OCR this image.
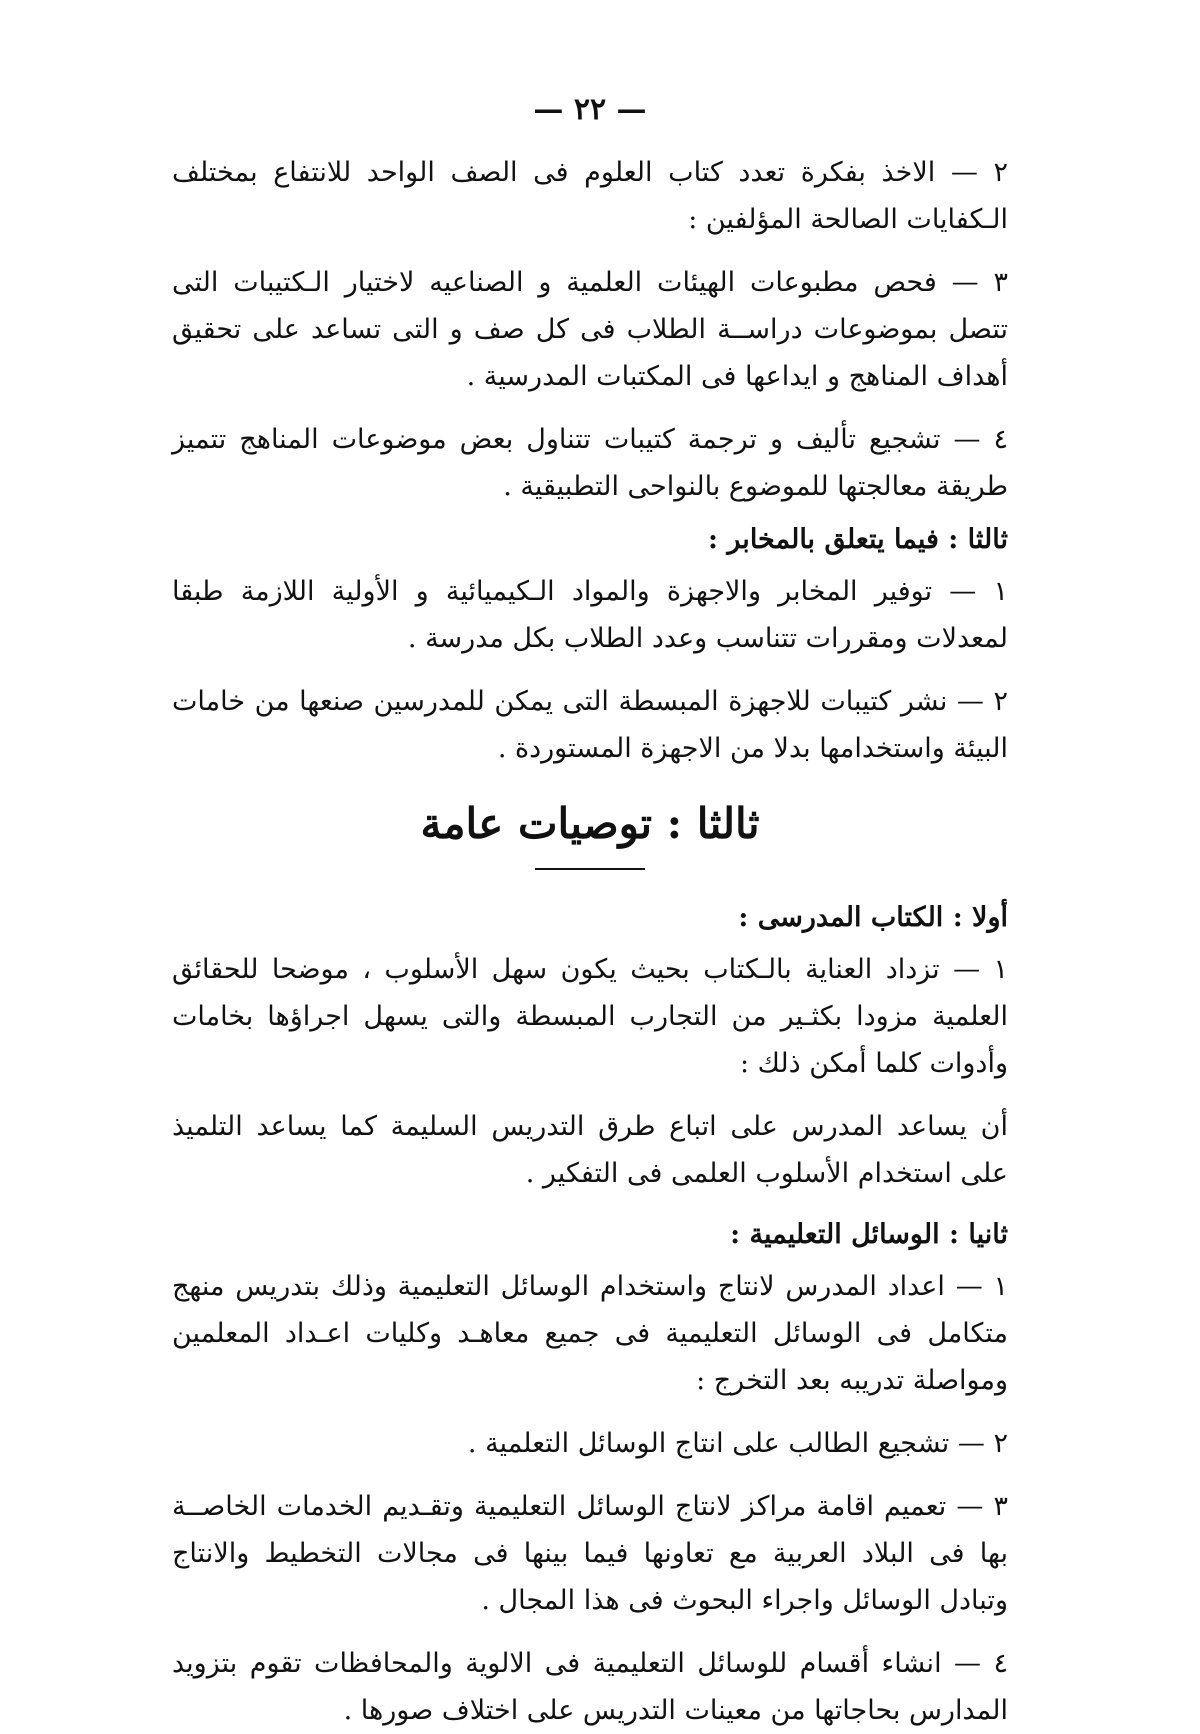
— ٢٢ —

٢ — الاخذ بفكرة تعدد كتاب العلوم فى الصف الواحد للانتفاع بمختلف الـكفايات الصالحة المؤلفين :

٣ — فحص مطبوعات الهيئات العلمية و الصناعيه لاختيار الـكتيبات التى تتصل بموضوعات دراســة الطلاب فى كل صف و التى تساعد على تحقيق أهداف المناهج و ايداعها فى المكتبات المدرسية .

٤ — تشجيع تأليف و ترجمة كتيبات تتناول بعض موضوعات المناهج تتميز طريقة معالجتها للموضوع بالنواحى التطبيقية .

ثالثا : فيما يتعلق بالمخابر :

١ — توفير المخابر والاجهزة والمواد الـكيميائية و الأولية اللازمة طبقا لمعدلات ومقررات تتناسب وعدد الطلاب بكل مدرسة .

٢ — نشر كتيبات للاجهزة المبسطة التى يمكن للمدرسين صنعها من خامات البيئة واستخدامها بدلا من الاجهزة المستوردة .

ثالثا : توصيات عامة
أولا : الكتاب المدرسى :

١ — تزداد العناية بالـكتاب بحيث يكون سهل الأسلوب ، موضحا للحقائق العلمية مزودا بكثـير من التجارب المبسطة والتى يسهل اجراؤها بخامات وأدوات كلما أمكن ذلك :

أن يساعد المدرس على اتباع طرق التدريس السليمة كما يساعد التلميذ على استخدام الأسلوب العلمى فى التفكير .

ثانيا : الوسائل التعليمية :

١ — اعداد المدرس لانتاج واستخدام الوسائل التعليمية وذلك بتدريس منهج متكامل فى الوسائل التعليمية فى جميع معاهـد وكليات اعـداد المعلمين ومواصلة تدريبه بعد التخرج :

٢ — تشجيع الطالب على انتاج الوسائل التعلمية .

٣ — تعميم اقامة مراكز لانتاج الوسائل التعليمية وتقـديم الخدمات الخاصــة بها فى البلاد العربية مع تعاونها فيما بينها فى مجالات التخطيط والانتاج وتبادل الوسائل واجراء البحوث فى هذا المجال .

٤ — انشاء أقسام للوسائل التعليمية فى الالوية والمحافظات تقوم بتزويد المدارس بحاجاتها من معينات التدريس على اختلاف صورها .
